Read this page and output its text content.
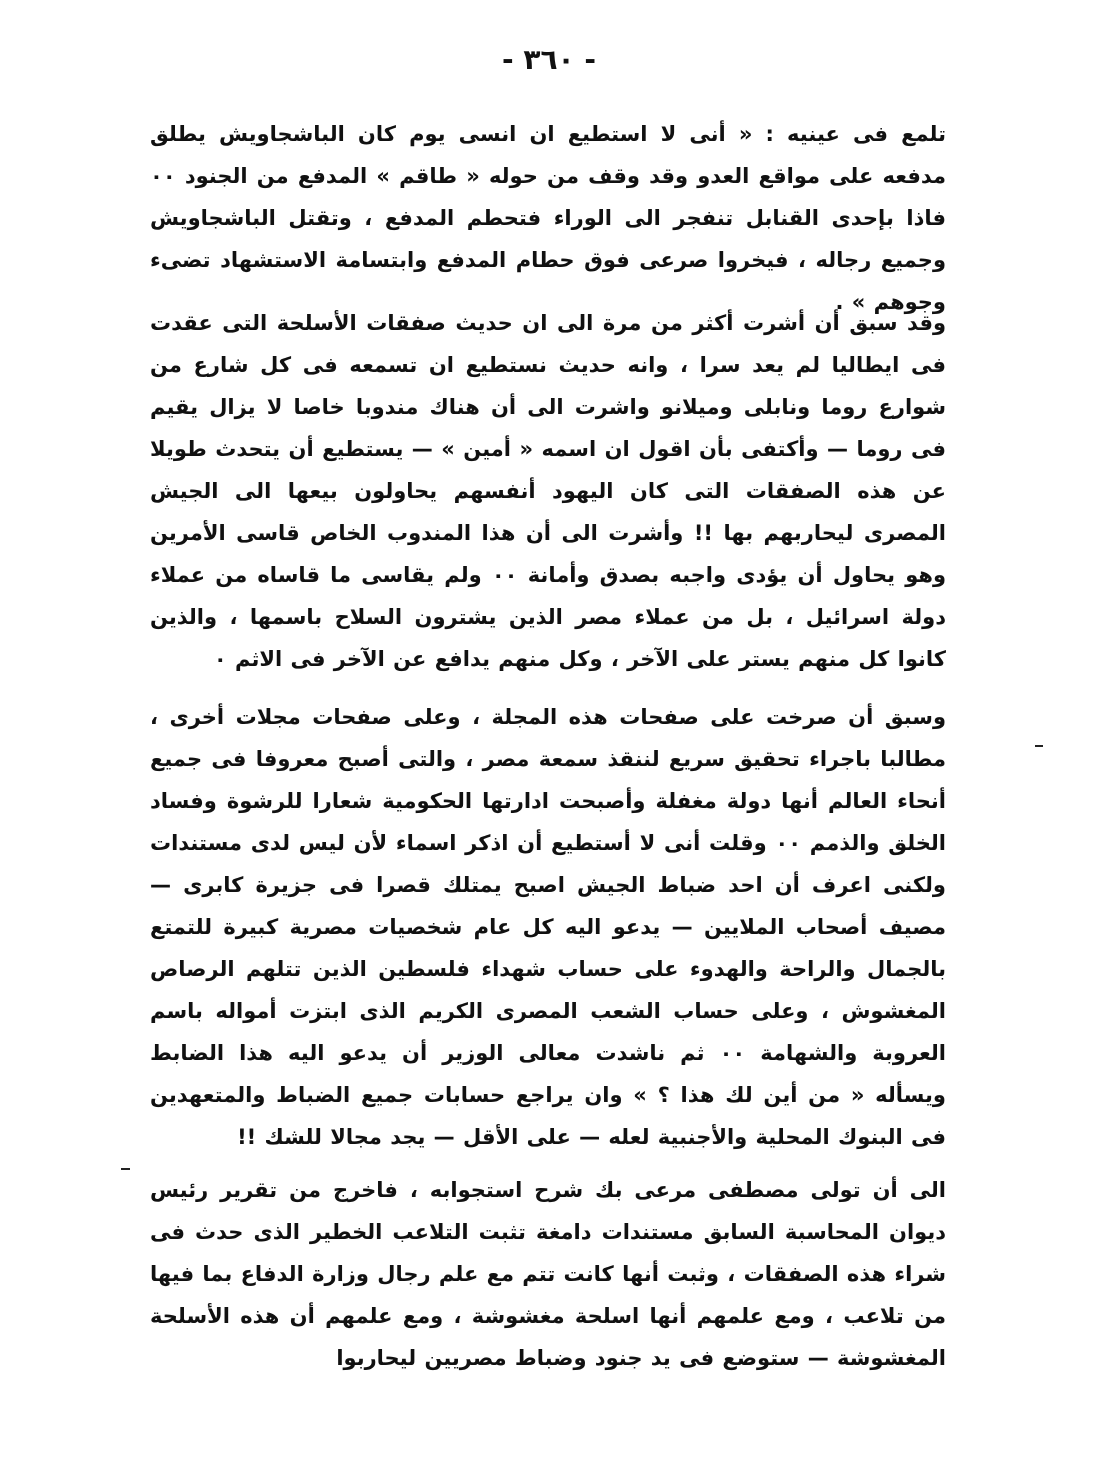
- ٣٦٠ -

تلمع فى عينيه : « أنى لا استطيع ان انسى يوم كان الباشجاويش يطلق مدفعه على مواقع العدو وقد وقف من حوله « طاقم » المدفع من الجنود ٠٠ فاذا بإحدى القنابل تنفجر الى الوراء فتحطم المدفع ، وتقتل الباشجاويش وجميع رجاله ، فيخروا صرعى فوق حطام المدفع وابتسامة الاستشهاد تضىء وجوهم » .

وقد سبق أن أشرت أكثر من مرة الى ان حديث صفقات الأسلحة التى عقدت فى ايطاليا لم يعد سرا ، وانه حديث نستطيع ان تسمعه فى كل شارع من شوارع روما ونابلى وميلانو واشرت الى أن هناك مندوبا خاصا لا يزال يقيم فى روما — وأكتفى بأن اقول ان اسمه « أمين » — يستطيع أن يتحدث طويلا عن هذه الصفقات التى كان اليهود أنفسهم يحاولون بيعها الى الجيش المصرى ليحاربهم بها !! وأشرت الى أن هذا المندوب الخاص قاسى الأمرين وهو يحاول أن يؤدى واجبه بصدق وأمانة ٠٠ ولم يقاسى ما قاساه من عملاء دولة اسرائيل ، بل من عملاء مصر الذين يشترون السلاح باسمها ، والذين كانوا كل منهم يستر على الآخر ، وكل منهم يدافع عن الآخر فى الاثم ٠

وسبق أن صرخت على صفحات هذه المجلة ، وعلى صفحات مجلات أخرى ، مطالبا باجراء تحقيق سريع لننقذ سمعة مصر ، والتى أصبح معروفا فى جميع أنحاء العالم أنها دولة مغفلة وأصبحت ادارتها الحكومية شعارا للرشوة وفساد الخلق والذمم ٠٠ وقلت أنى لا أستطيع أن اذكر اسماء لأن ليس لدى مستندات ولكنى اعرف أن احد ضباط الجيش اصبح يمتلك قصرا فى جزيرة كابرى — مصيف أصحاب الملايين — يدعو اليه كل عام شخصيات مصرية كبيرة للتمتع بالجمال والراحة والهدوء على حساب شهداء فلسطين الذين تتلهم الرصاص المغشوش ، وعلى حساب الشعب المصرى الكريم الذى ابتزت أمواله باسم العروبة والشهامة ٠٠ ثم ناشدت معالى الوزير أن يدعو اليه هذا الضابط ويسأله « من أين لك هذا ؟ » وان يراجع حسابات جميع الضباط والمتعهدين فى البنوك المحلية والأجنبية لعله — على الأقل — يجد مجالا للشك !!

الى أن تولى مصطفى مرعى بك شرح استجوابه ، فاخرج من تقرير رئيس ديوان المحاسبة السابق مستندات دامغة تثبت التلاعب الخطير الذى حدث فى شراء هذه الصفقات ، وثبت أنها كانت تتم مع علم رجال وزارة الدفاع بما فيها من تلاعب ، ومع علمهم أنها اسلحة مغشوشة ، ومع علمهم أن هذه الأسلحة المغشوشة — ستوضع فى يد جنود وضباط مصريين ليحاربوا
